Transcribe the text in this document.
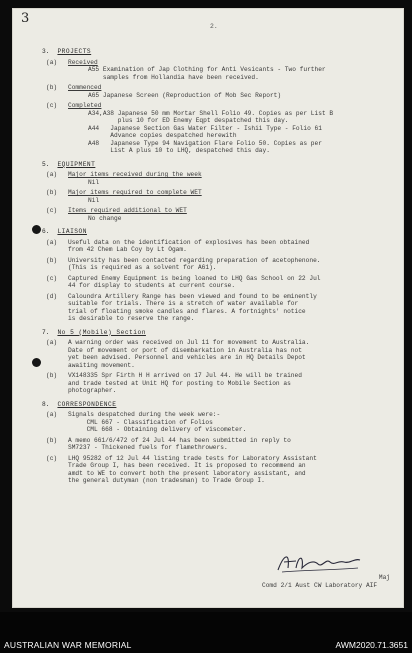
3
2.
3. PROJECTS
(a)	Received
A55 Examination of Jap Clothing for Anti Vesicants - Two further
samples from Hollandia have been received.
(b)	Commenced
A65 Japanese Screen (Reproduction of Mob Sec Report)
(c)	Completed
A34,A38 Japanese 50 mm Mortar Shell Folio 49. Copies as per List B
plus 10 for ED Enemy Eqpt despatched this day.
A44   Japanese Section Gas Water Filter - Ishii Type - Folio 61
Advance copies despatched herewith
A48   Japanese Type 94 Navigation Flare Folio 50. Copies as per
List A plus 10 to LHQ, despatched this day.
5. EQUIPMENT
(a)	Major items received during the week
Nil
(b)	Major items required to complete WET
Nil
(c)	Items required additional to WET
No change
6. LIAISON
(a)	Useful data on the identification of explosives has been obtained
from 42 Chem Lab Coy by Lt Ogam.
(b)	University has been contacted regarding preparation of acetophenone.
(This is required as a solvent for A61).
(c)	Captured Enemy Equipment is being loaned to LHQ Gas School on 22 Jul
44 for display to students at current course.
(d)	Caloundra Artillery Range has been viewed and found to be eminently
suitable for trials. There is a stretch of water available for
trial of floating smoke candles and flares. A fortnights' notice
is desirable to reserve the range.
7. No 5 (Mobile) Section
(a)	A warning order was received on Jul 11 for movement to Australia.
Date of movement or port of disembarkation in Australia has not
yet been advised. Personnel and vehicles are in HQ Details Depot
awaiting movement.
(b)	VX148335 Spr Firth H H arrived on 17 Jul 44. He will be trained
and trade tested at Unit HQ for posting to Mobile Section as
photographer.
8. CORRESPONDENCE
(a)	Signals despatched during the week were:-
CML 667 - Classification of Folios
CML 668 - Obtaining delivery of viscometer.
(b)	A memo 661/6/472 of 24 Jul 44 has been submitted in reply to
SM7237 - Thickened fuels for flamethrowers.
(c)	LHQ 95282 of 12 Jul 44 listing trade tests for Laboratory Assistant
Trade Group I, has been received. It is proposed to recommend an
amdt to WE to convert both the present laboratory assistant, and
the general dutyman (non tradesman) to Trade Group I.
Maj
Comd 2/1 Aust CW Laboratory AIF
AUSTRALIAN WAR MEMORIAL	AWM2020.71.3651
